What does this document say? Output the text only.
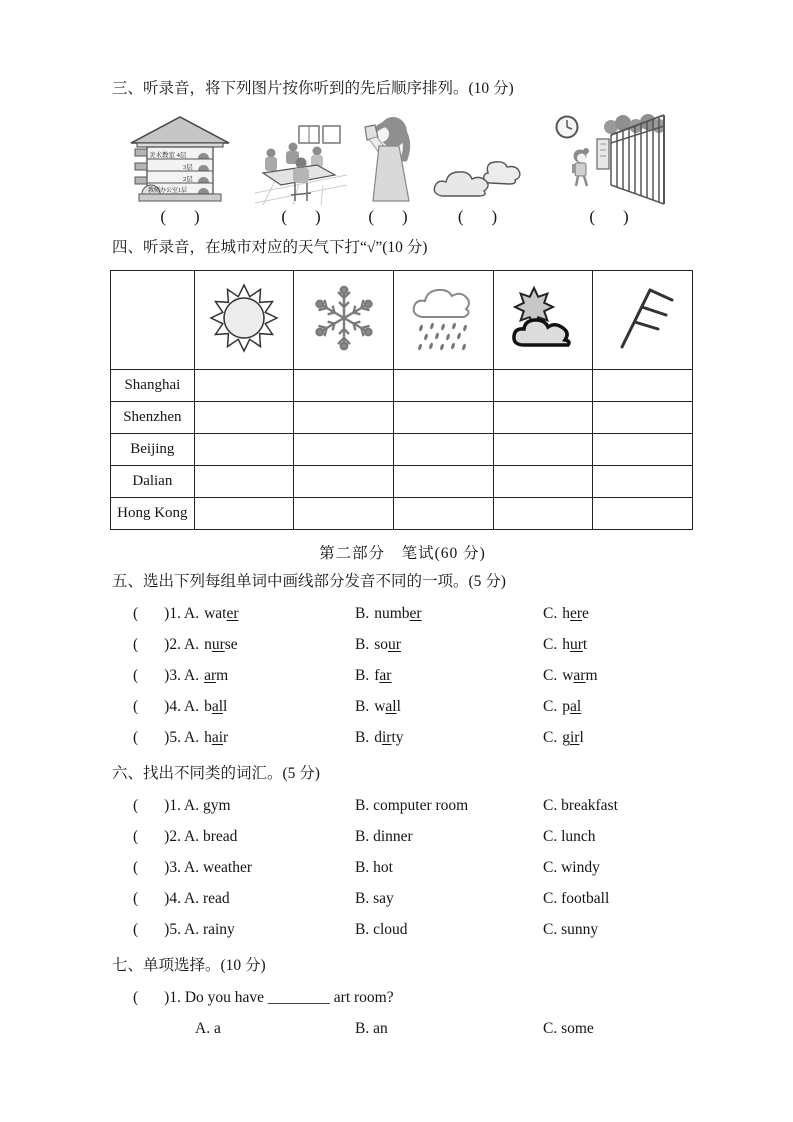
三、听录音，将下列图片按你听到的先后顺序排列。(10 分)
美术教室 4层
3层
2层
教师办公室1层
( )	( )	( )	( )	( )
四、听录音，在城市对应的天气下打“√”(10 分)

Shanghai					
Shenzhen					
Beijing					
Dalian					
Hong Kong					
第二部分　笔试(60 分)
五、选出下列每组单词中画线部分发音不同的一项。(5 分)
( )1. A. water	B. number	C. here
( )2. A. nurse	B. sour	C. hurt
( )3. A. arm	B. far	C. warm
( )4. A. ball	B. wall	C. pal
( )5. A. hair	B. dirty	C. girl
六、找出不同类的词汇。(5 分)
( )1. A. gym	B. computer room	C. breakfast
( )2. A. bread	B. dinner	C. lunch
( )3. A. weather	B. hot	C. windy
( )4. A. read	B. say	C. football
( )5. A. rainy	B. cloud	C. sunny
七、单项选择。(10 分)
( )1.
Do you have ________ art room?
A. a	B. an	C. some
